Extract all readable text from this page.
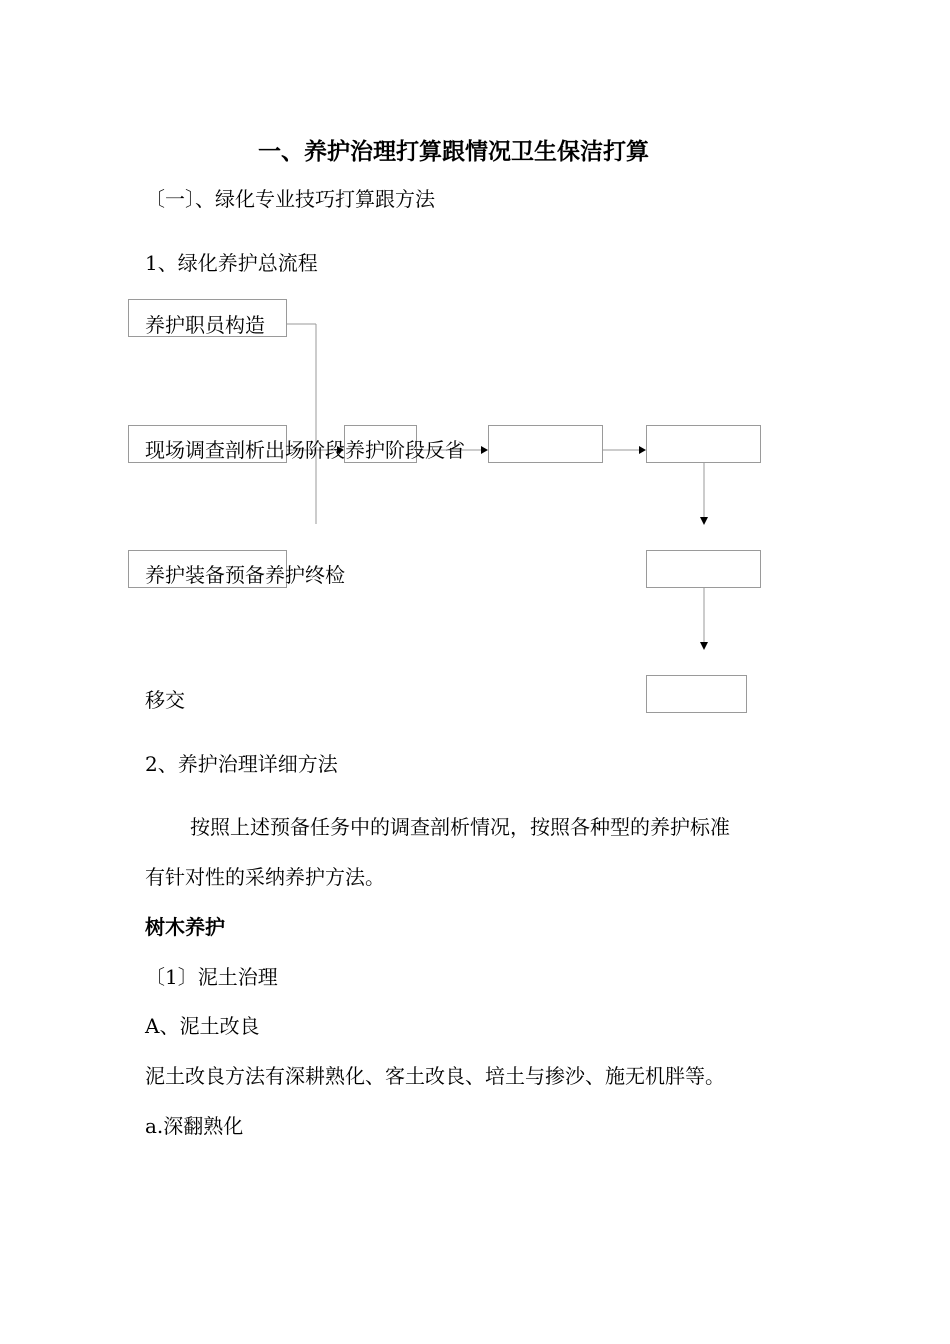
一、养护治理打算跟情况卫生保洁打算
〔一〕、绿化专业技巧打算跟方法
1、绿化养护总流程
养护职员构造
现场调查剖析出场阶段养护阶段反省
养护装备预备养护终检
移交
2、养护治理详细方法
按照上述预备任务中的调查剖析情况，按照各种型的养护标准
有针对性的采纳养护方法。
树木养护
〔1〕泥土治理
A、泥土改良
泥土改良方法有深耕熟化、客土改良、培土与掺沙、施无机胖等。
a.深翻熟化
